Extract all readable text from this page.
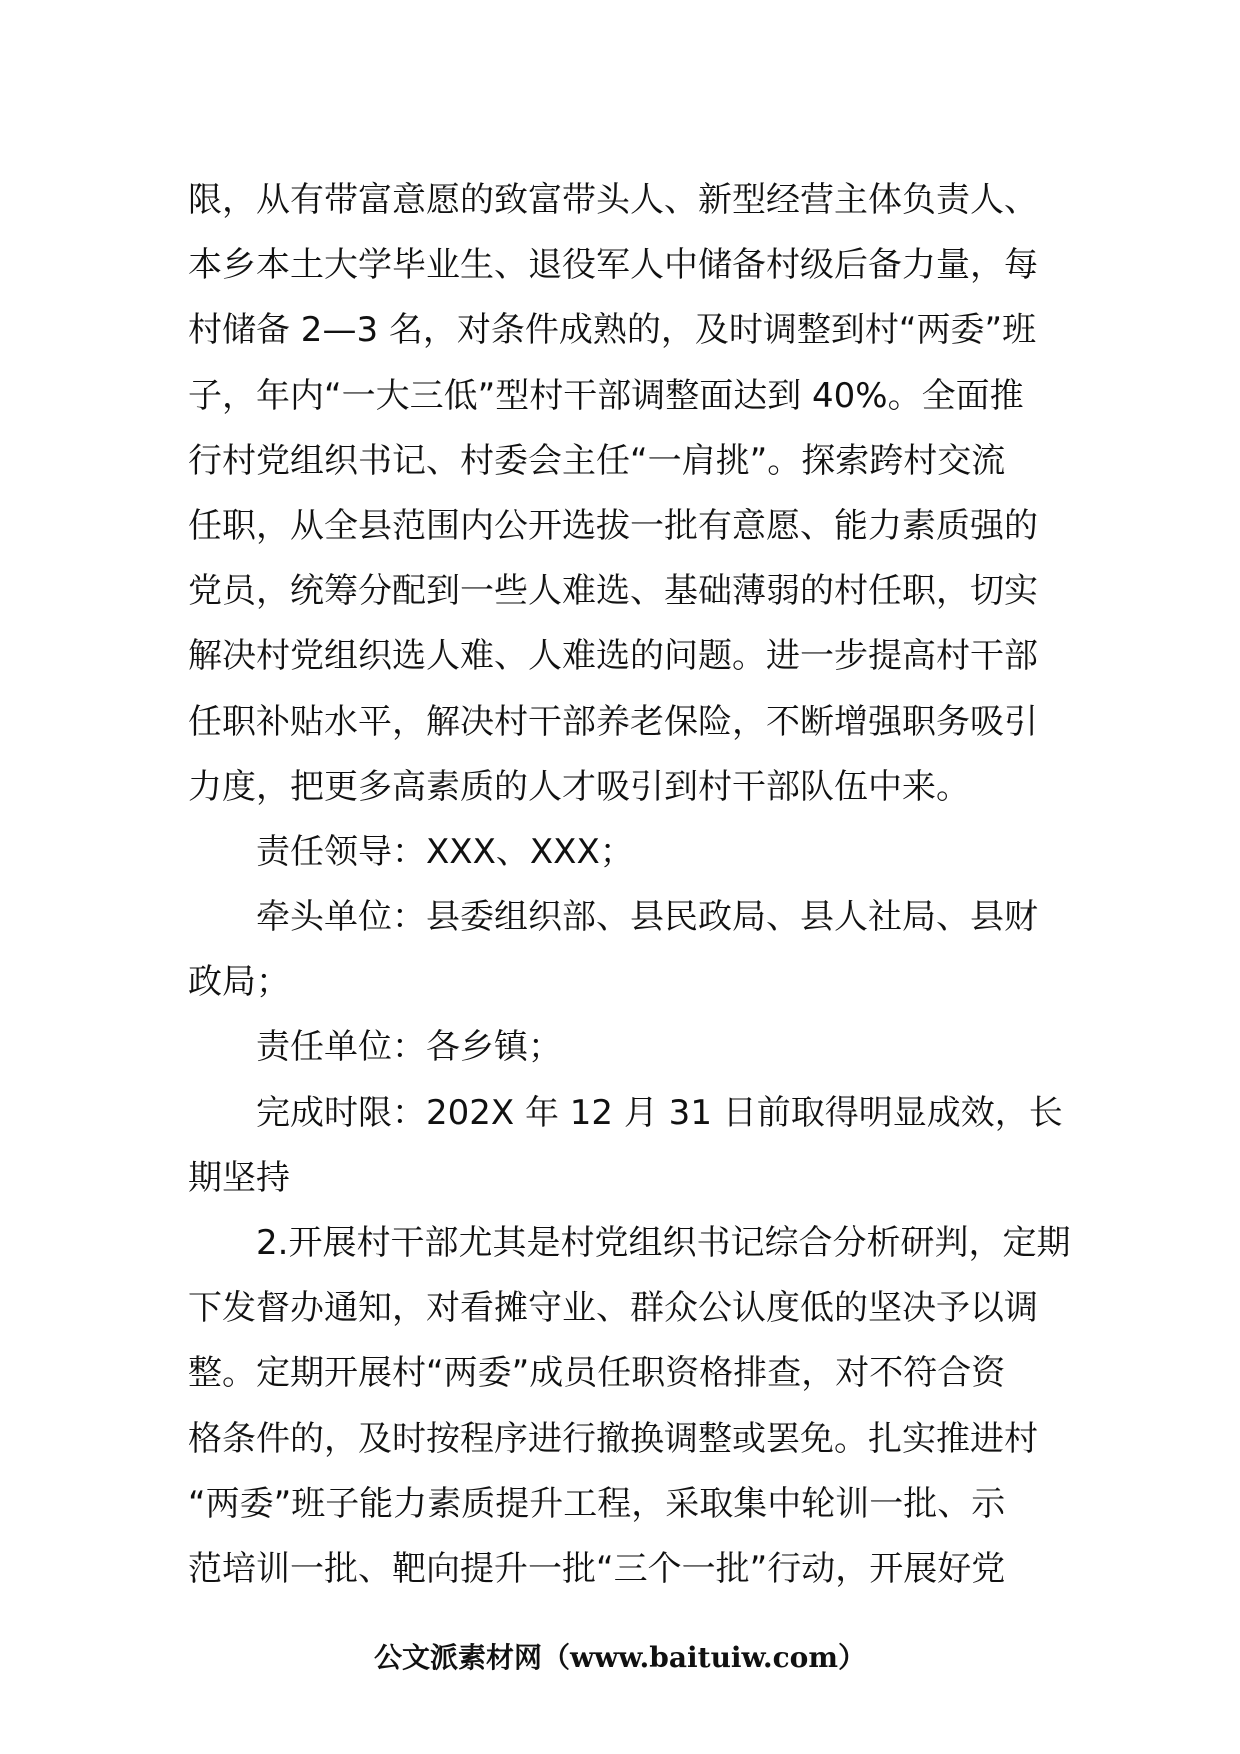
限，从有带富意愿的致富带头人、新型经营主体负责人、
本乡本土大学毕业生、退役军人中储备村级后备力量，每
村储备 2—3 名，对条件成熟的，及时调整到村“两委”班
子，年内“一大三低”型村干部调整面达到 40%。全面推
行村党组织书记、村委会主任“一肩挑”。探索跨村交流
任职，从全县范围内公开选拔一批有意愿、能力素质强的
党员，统筹分配到一些人难选、基础薄弱的村任职，切实
解决村党组织选人难、人难选的问题。进一步提高村干部
任职补贴水平，解决村干部养老保险，不断增强职务吸引
力度，把更多高素质的人才吸引到村干部队伍中来。
责任领导：XXX、XXX；
牵头单位：县委组织部、县民政局、县人社局、县财
政局；
责任单位：各乡镇；
完成时限：202X 年 12 月 31 日前取得明显成效，长
期坚持
2.开展村干部尤其是村党组织书记综合分析研判，定期
下发督办通知，对看摊守业、群众公认度低的坚决予以调
整。定期开展村“两委”成员任职资格排查，对不符合资
格条件的，及时按程序进行撤换调整或罢免。扎实推进村
“两委”班子能力素质提升工程，采取集中轮训一批、示
范培训一批、靶向提升一批“三个一批”行动，开展好党
公文派素材网（www.baituiw.com）
